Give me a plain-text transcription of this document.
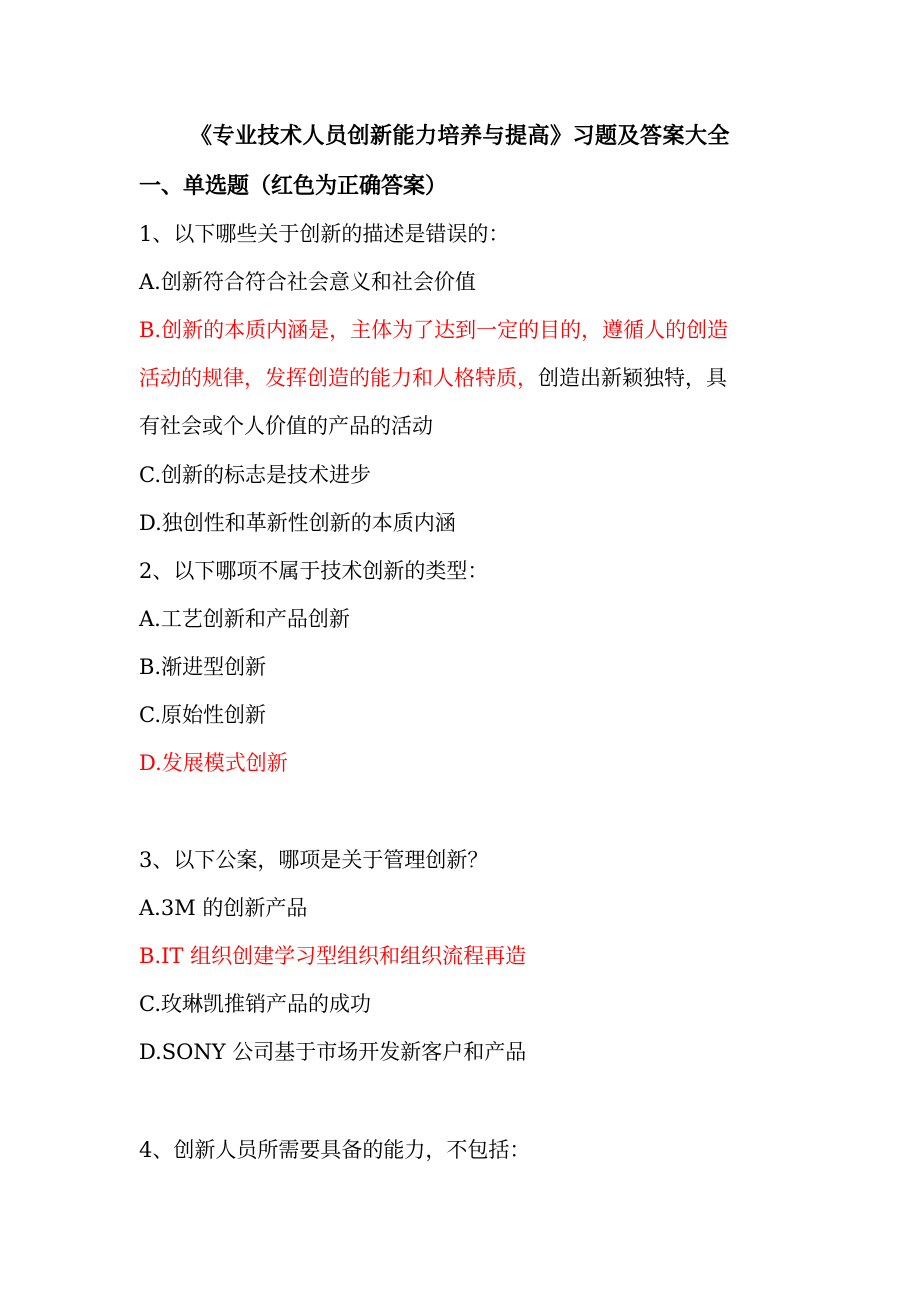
《专业技术人员创新能力培养与提高》习题及答案大全
一、单选题（红色为正确答案）
1、以下哪些关于创新的描述是错误的：
A.创新符合符合社会意义和社会价值
B.创新的本质内涵是，主体为了达到一定的目的，遵循人的创造
活动的规律，发挥创造的能力和人格特质，创造出新颖独特，具
有社会或个人价值的产品的活动
C.创新的标志是技术进步
D.独创性和革新性创新的本质内涵
2、以下哪项不属于技术创新的类型：
A.工艺创新和产品创新
B.渐进型创新
C.原始性创新
D.发展模式创新
3、以下公案，哪项是关于管理创新？
A.3M 的创新产品
B.IT 组织创建学习型组织和组织流程再造
C.玫琳凯推销产品的成功
D.SONY 公司基于市场开发新客户和产品
4、创新人员所需要具备的能力，不包括：
